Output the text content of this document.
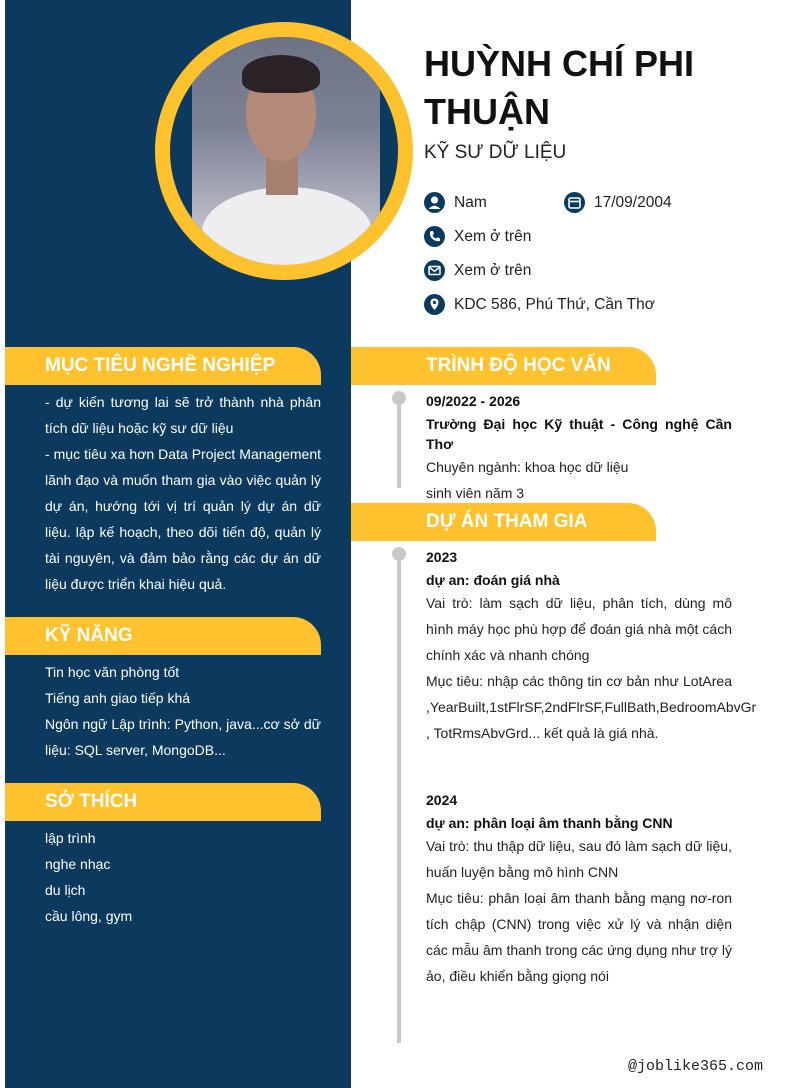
HUỲNH CHÍ PHI THUẬN
KỸ SƯ DỮ LIỆU
Nam	17/09/2004
Xem ở trên
Xem ở trên
KDC 586, Phú Thứ, Cần Thơ
MỤC TIÊU NGHỀ NGHIỆP

- dự kiến tương lai sẽ trở thành nhà phân tích dữ liệu hoặc kỹ sư dữ liệu

- mục tiêu xa hơn Data Project Management lãnh đạo và muốn tham gia vào việc quản lý dự án, hướng tới vị trí quản lý dự án dữ liệu. lập kế hoạch, theo dõi tiến độ, quản lý tài nguyên, và đảm bảo rằng các dự án dữ liệu được triển khai hiệu quả.

KỸ NĂNG

Tin học văn phòng tốt

Tiếng anh giao tiếp khá

Ngôn ngữ Lập trình: Python, java...cơ sở dữ liệu: SQL server, MongoDB...

SỞ THÍCH

lập trình

nghe nhạc

du lịch

cầu lông, gym

TRÌNH ĐỘ HỌC VẤN

09/2022 - 2026

Trường Đại học Kỹ thuật - Công nghệ Cần Thơ

Chuyên ngành: khoa học dữ liệu

sinh viên năm 3

DỰ ÁN THAM GIA

2023

dự an: đoán giá nhà

Vai trò: làm sạch dữ liệu, phân tích, dùng mô hình máy học phù hợp để đoán giá nhà một cách chính xác và nhanh chóng

Mục tiêu: nhập các thông tin cơ bản như LotArea ,YearBuilt,1stFlrSF,2ndFlrSF,FullBath,BedroomAbvGr , TotRmsAbvGrd... kết quả là giá nhà.

2024

dự an: phân loại âm thanh bằng CNN

Vai trò: thu thập dữ liệu, sau đó làm sạch dữ liệu, huấn luyện bằng mô hình CNN

Mục tiêu: phân loại âm thanh bằng mạng nơ-ron tích chập (CNN) trong việc xử lý và nhận diện các mẫu âm thanh trong các ứng dụng như trợ lý ảo, điều khiển bằng giọng nói

@joblike365.com
